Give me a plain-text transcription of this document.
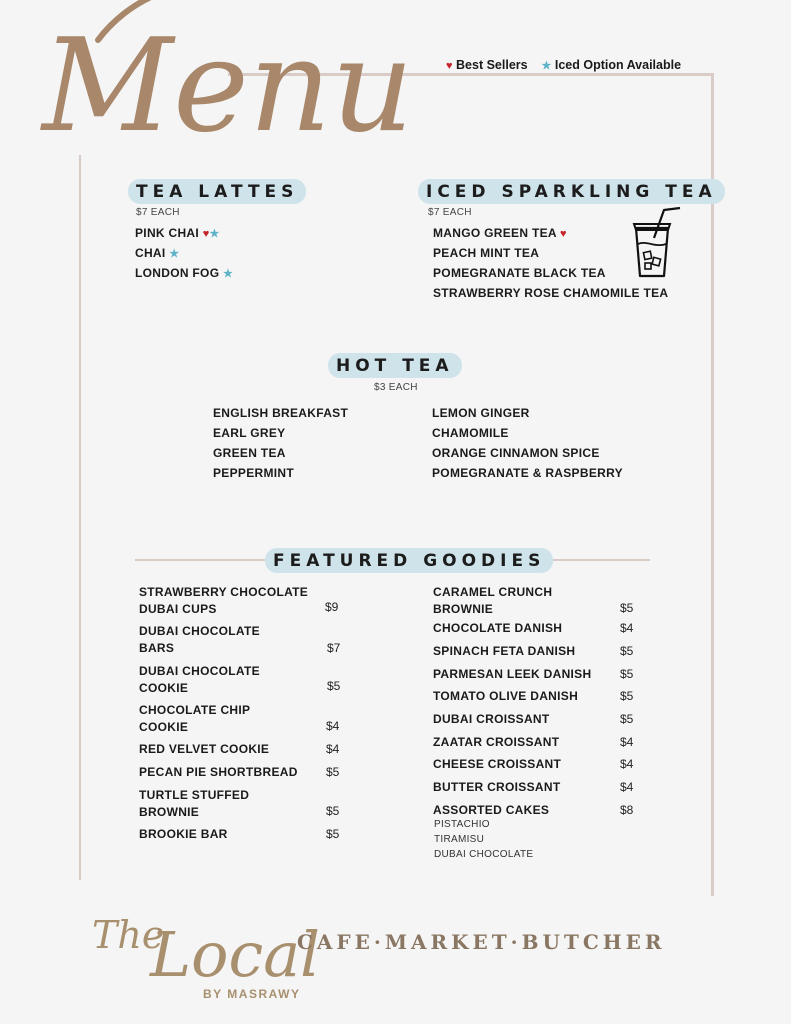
Menu	♥ Best Sellers ★ Iced Option Available
TEA LATTES
$7 EACH
PINK CHAI ♥★
CHAI ★
LONDON FOG ★
ICED SPARKLING TEA
$7 EACH
MANGO GREEN TEA ♥
PEACH MINT TEA
POMEGRANATE BLACK TEA
STRAWBERRY ROSE CHAMOMILE TEA
HOT TEA
$3 EACH
ENGLISH BREAKFAST
EARL GREY
GREEN TEA
PEPPERMINT
LEMON GINGER
CHAMOMILE
ORANGE CINNAMON SPICE
POMEGRANATE & RASPBERRY
FEATURED GOODIES
STRAWBERRY CHOCOLATE
DUBAI CUPS	$9
DUBAI CHOCOLATE
BARS	$7
DUBAI CHOCOLATE
COOKIE	$5
CHOCOLATE CHIP
COOKIE	$4
RED VELVET COOKIE	$4
PECAN PIE SHORTBREAD $5
TURTLE STUFFED
BROWNIE	$5
BROOKIE BAR	$5
CARAMEL CRUNCH
BROWNIE	$5
CHOCOLATE DANISH	$4
SPINACH FETA DANISH	$5
PARMESAN LEEK DANISH $5
TOMATO OLIVE DANISH	$5
DUBAI CROISSANT	$5
ZAATAR CROISSANT	$4
CHEESE CROISSANT	$4
BUTTER CROISSANT	$4
ASSORTED CAKES	$8
PISTACHIO
TIRAMISU
DUBAI CHOCOLATE
The
Local
BY MASRAWY
CAFE·MARKET·BUTCHER
